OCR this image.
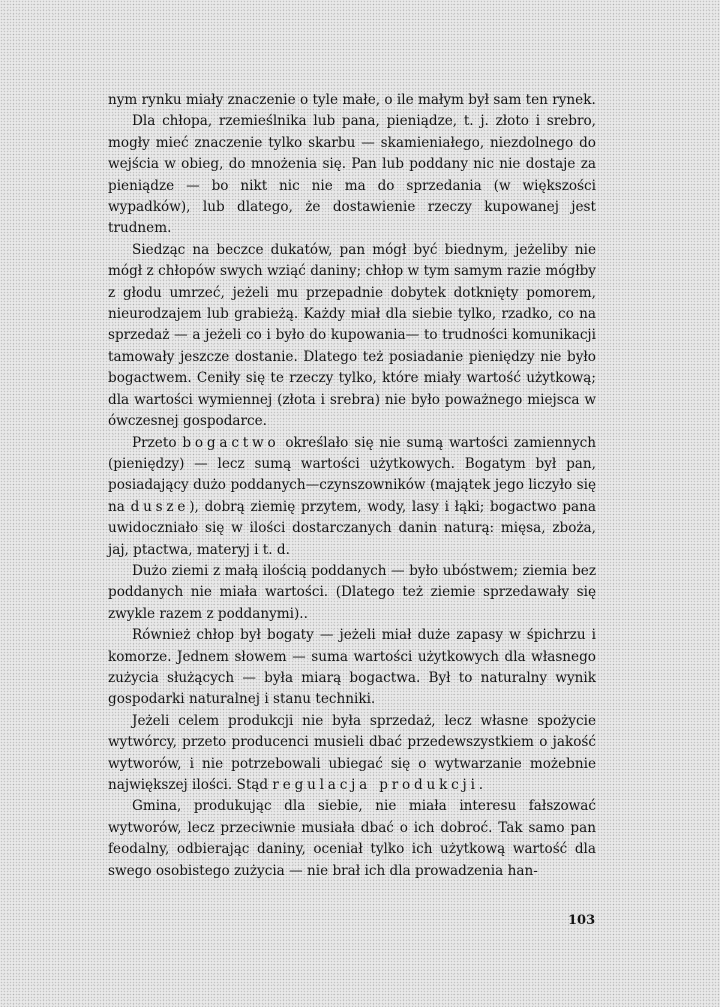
nym rynku miały znaczenie o tyle małe, o ile małym był sam ten rynek.

Dla chłopa, rzemieślnika lub pana, pieniądze, t. j. złoto i srebro, mogły mieć znaczenie tylko skarbu — skamieniałego, niezdolnego do wejścia w obieg, do mnożenia się. Pan lub poddany nic nie dostaje za pieniądze — bo nikt nic nie ma do sprzedania (w większości wypadków), lub dlatego, że dostawienie rzeczy kupowanej jest trudnem.

Siedząc na beczce dukatów, pan mógł być biednym, jeżeliby nie mógł z chłopów swych wziąć daniny; chłop w tym samym razie mógłby z głodu umrzeć, jeżeli mu przepadnie dobytek dotknięty pomorem, nieurodzajem lub grabieżą. Każdy miał dla siebie tylko, rzadko, co na sprzedaż — a jeżeli co i było do kupowania— to trudności komunikacji tamowały jeszcze dostanie. Dlatego też posiadanie pieniędzy nie było bogactwem. Ceniły się te rzeczy tylko, które miały wartość użytkową; dla wartości wymiennej (złota i srebra) nie było poważnego miejsca w ówczesnej gospodarce.

Przeto bogactwo określało się nie sumą wartości zamiennych (pieniędzy) — lecz sumą wartości użytkowych. Bogatym był pan, posiadający dużo poddanych—czynszowników (majątek jego liczyło się na dusze), dobrą ziemię przytem, wody, lasy i łąki; bogactwo pana uwidoczniało się w ilości dostarczanych danin naturą: mięsa, zboża, jaj, ptactwa, materyj i t. d.

Dużo ziemi z małą ilością poddanych — było ubóstwem; ziemia bez poddanych nie miała wartości. (Dlatego też ziemie sprzedawały się zwykle razem z poddanymi)..

Również chłop był bogaty — jeżeli miał duże zapasy w śpichrzu i komorze. Jednem słowem — suma wartości użytkowych dla własnego zużycia służących — była miarą bogactwa. Był to naturalny wynik gospodarki naturalnej i stanu techniki.

Jeżeli celem produkcji nie była sprzedaż, lecz własne spożycie wytwórcy, przeto producenci musieli dbać przedewszystkiem o jakość wytworów, i nie potrzebowali ubiegać się o wytwarzanie możebnie największej ilości. Stąd regulacja produkcji.

Gmina, produkując dla siebie, nie miała interesu fałszować wytworów, lecz przeciwnie musiała dbać o ich dobroć. Tak samo pan feodalny, odbierając daniny, oceniał tylko ich użytkową wartość dla swego osobistego zużycia — nie brał ich dla prowadzenia han-

103
